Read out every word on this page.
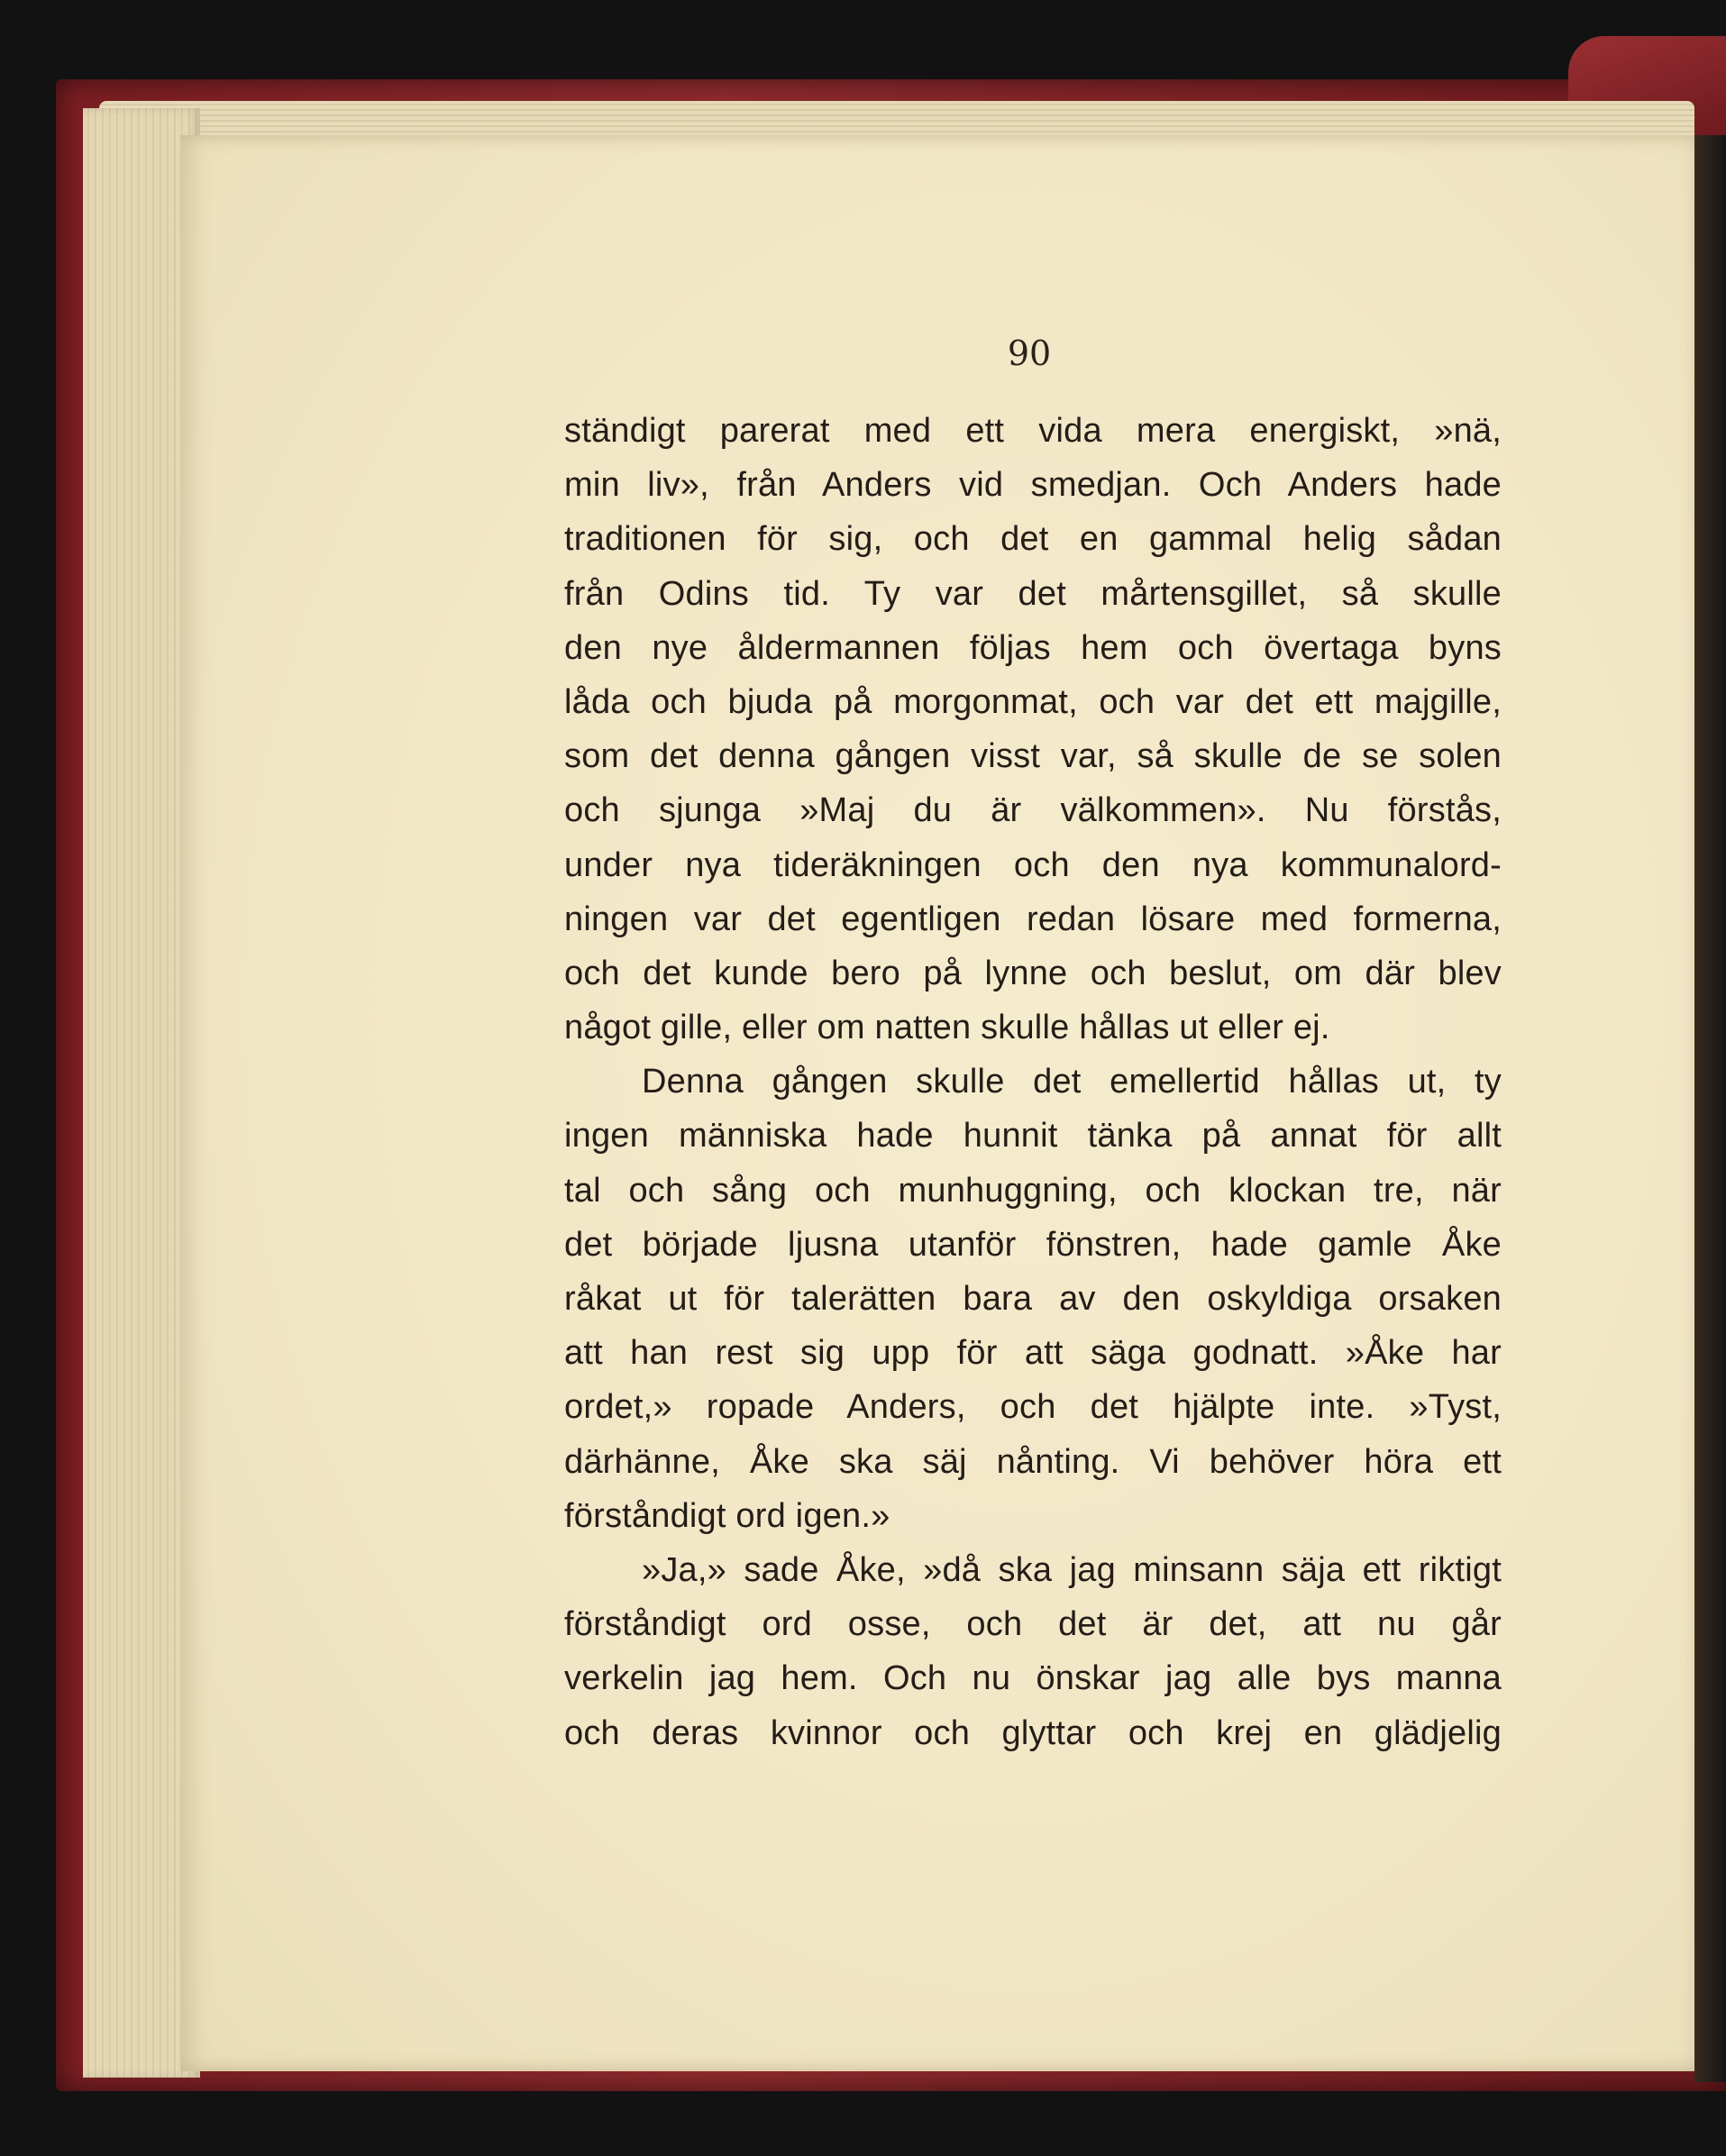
90
ständigt parerat med ett vida mera energiskt, »nä,
min liv», från Anders vid smedjan. Och Anders hade
traditionen för sig, och det en gammal helig sådan
från Odins tid. Ty var det mårtensgillet, så skulle
den nye åldermannen följas hem och övertaga byns
låda och bjuda på morgonmat, och var det ett majgille,
som det denna gången visst var, så skulle de se solen
och sjunga »Maj du är välkommen». Nu förstås,
under nya tideräkningen och den nya kommunalord-
ningen var det egentligen redan lösare med formerna,
och det kunde bero på lynne och beslut, om där blev
något gille, eller om natten skulle hållas ut eller ej.
Denna gången skulle det emellertid hållas ut, ty
ingen människa hade hunnit tänka på annat för allt
tal och sång och munhuggning, och klockan tre, när
det började ljusna utanför fönstren, hade gamle Åke
råkat ut för talerätten bara av den oskyldiga orsaken
att han rest sig upp för att säga godnatt. »Åke har
ordet,» ropade Anders, och det hjälpte inte. »Tyst,
därhänne, Åke ska säj nånting. Vi behöver höra ett
förståndigt ord igen.»
»Ja,» sade Åke, »då ska jag minsann säja ett riktigt
förståndigt ord osse, och det är det, att nu går
verkelin jag hem. Och nu önskar jag alle bys manna
och deras kvinnor och glyttar och krej en glädjelig
